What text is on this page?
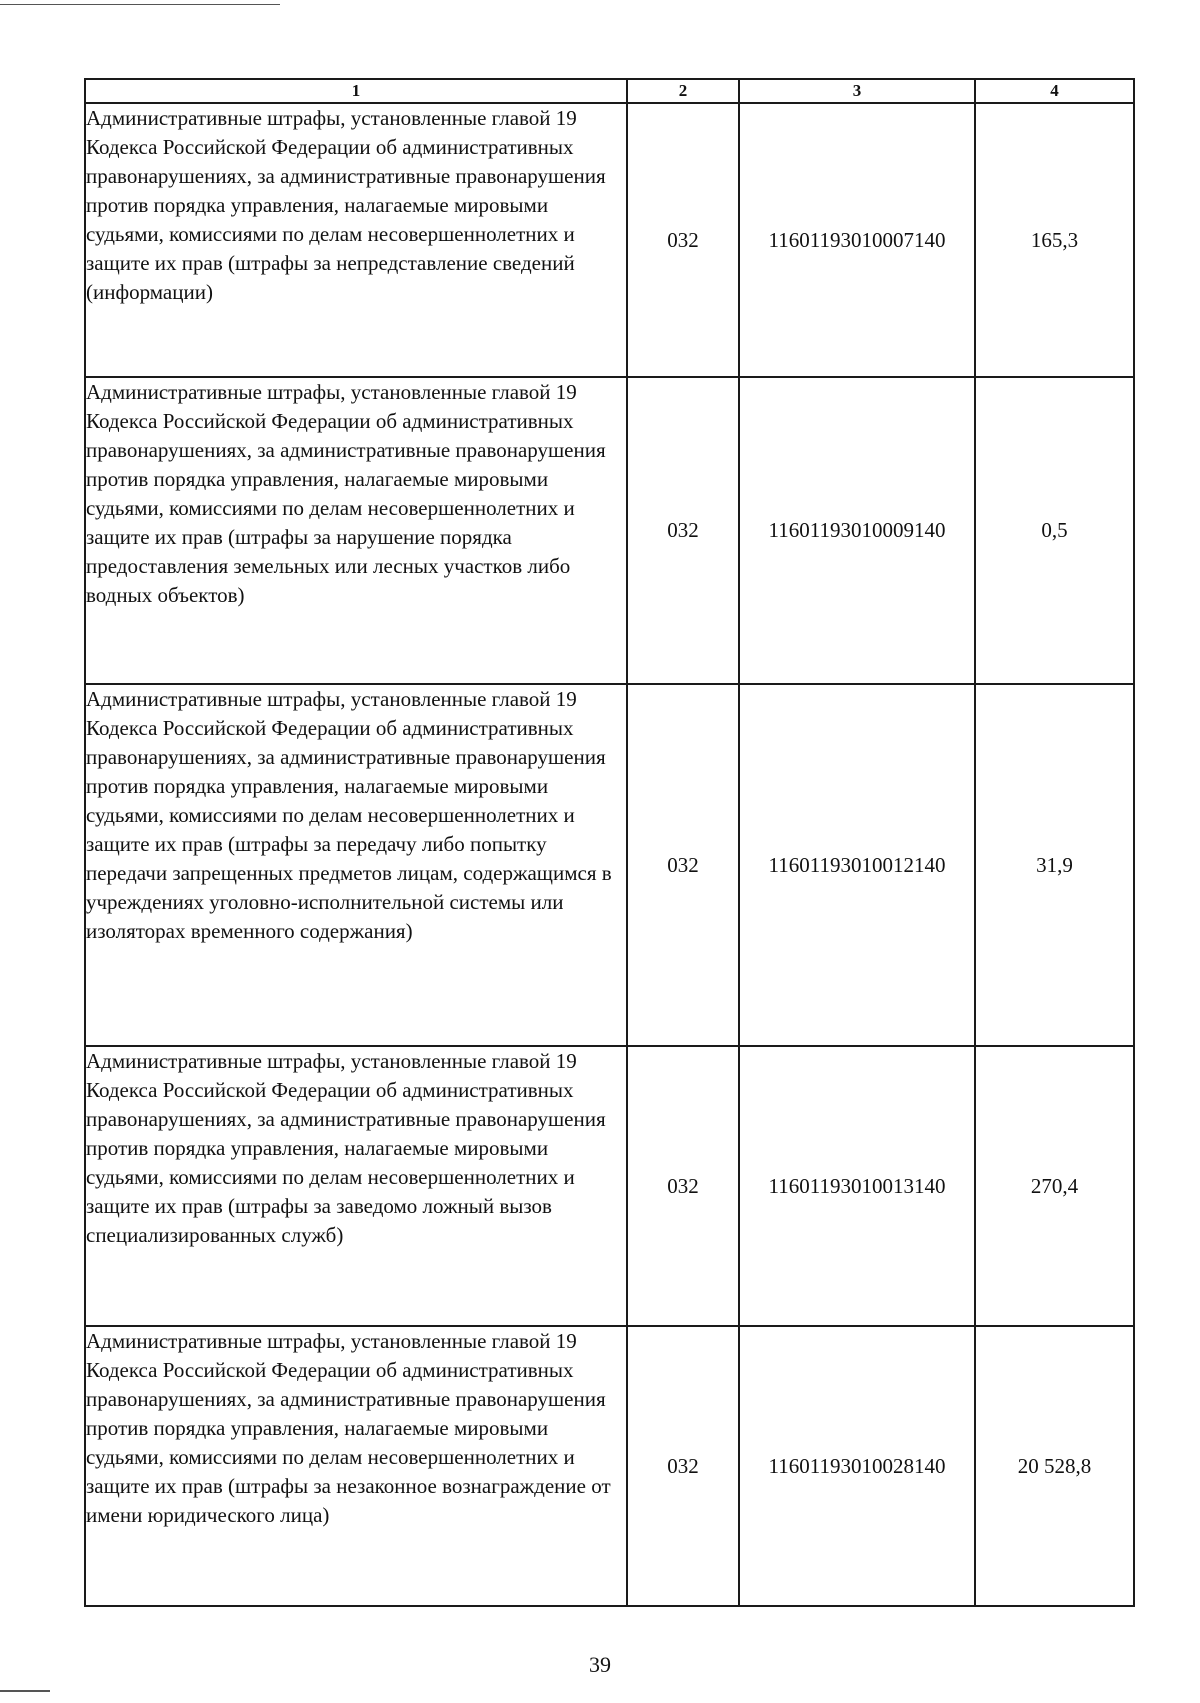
1	2	3	4
Административные штрафы, установленные главой 19 Кодекса Российской Федерации об административных правонарушениях, за административные правонарушения против порядка управления, налагаемые мировыми судьями, комиссиями по делам несовершеннолетних и защите их прав (штрафы за непредставление сведений (информации)	032	11601193010007140	165,3
Административные штрафы, установленные главой 19 Кодекса Российской Федерации об административных правонарушениях, за административные правонарушения против порядка управления, налагаемые мировыми судьями, комиссиями по делам несовершеннолетних и защите их прав (штрафы за нарушение порядка предоставления земельных или лесных участков либо водных объектов)	032	11601193010009140	0,5
Административные штрафы, установленные главой 19 Кодекса Российской Федерации об административных правонарушениях, за административные правонарушения против порядка управления, налагаемые мировыми судьями, комиссиями по делам несовершеннолетних и защите их прав (штрафы за передачу либо попытку передачи запрещенных предметов лицам, содержащимся в учреждениях уголовно-исполнительной системы или изоляторах временного содержания)	032	11601193010012140	31,9
Административные штрафы, установленные главой 19 Кодекса Российской Федерации об административных правонарушениях, за административные правонарушения против порядка управления, налагаемые мировыми судьями, комиссиями по делам несовершеннолетних и защите их прав (штрафы за заведомо ложный вызов специализированных служб)	032	11601193010013140	270,4
Административные штрафы, установленные главой 19 Кодекса Российской Федерации об административных правонарушениях, за административные правонарушения против порядка управления, налагаемые мировыми судьями, комиссиями по делам несовершеннолетних и защите их прав (штрафы за незаконное вознаграждение от имени юридического лица)	032	11601193010028140	20 528,8
39
